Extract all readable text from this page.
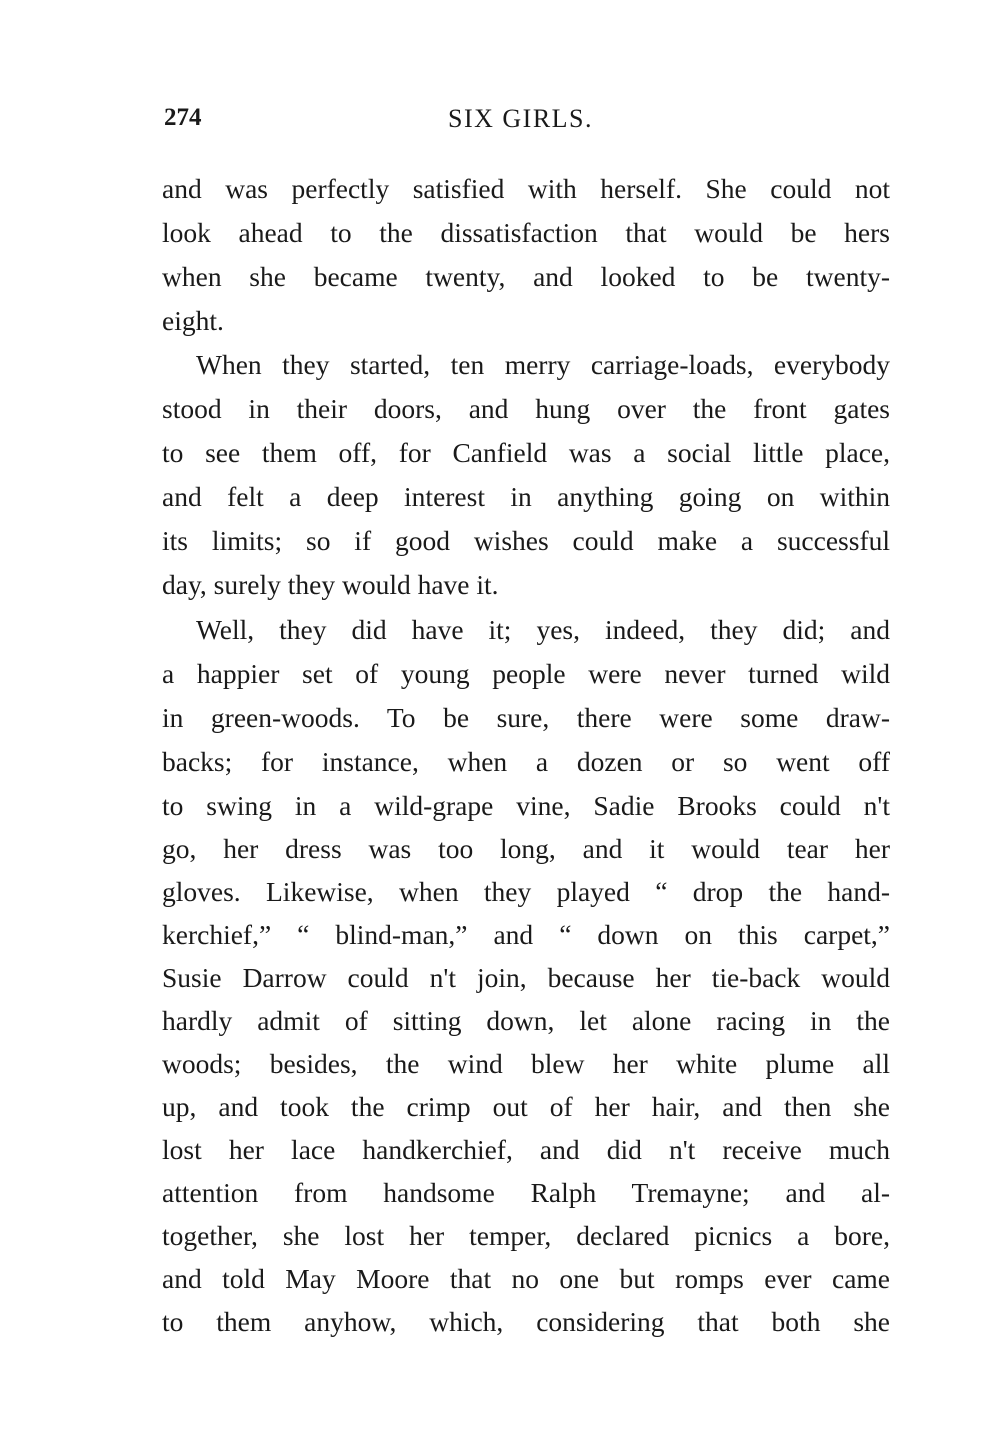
274	SIX GIRLS.
and was perfectly satisfied with herself. She could not
look ahead to the dissatisfaction that would be hers
when she became twenty, and looked to be twenty-
eight.
When they started, ten merry carriage-loads, everybody
stood in their doors, and hung over the front gates
to see them off, for Canfield was a social little place,
and felt a deep interest in anything going on within
its limits; so if good wishes could make a successful
day, surely they would have it.
Well, they did have it; yes, indeed, they did; and
a happier set of young people were never turned wild
in green-woods. To be sure, there were some draw-
backs; for instance, when a dozen or so went off
to swing in a wild-grape vine, Sadie Brooks could n't
go, her dress was too long, and it would tear her
gloves. Likewise, when they played “ drop the hand-
kerchief,” “ blind-man,” and “ down on this carpet,”
Susie Darrow could n't join, because her tie-back would
hardly admit of sitting down, let alone racing in the
woods; besides, the wind blew her white plume all
up, and took the crimp out of her hair, and then she
lost her lace handkerchief, and did n't receive much
attention from handsome Ralph Tremayne; and al-
together, she lost her temper, declared picnics a bore,
and told May Moore that no one but romps ever came
to them anyhow, which, considering that both she
